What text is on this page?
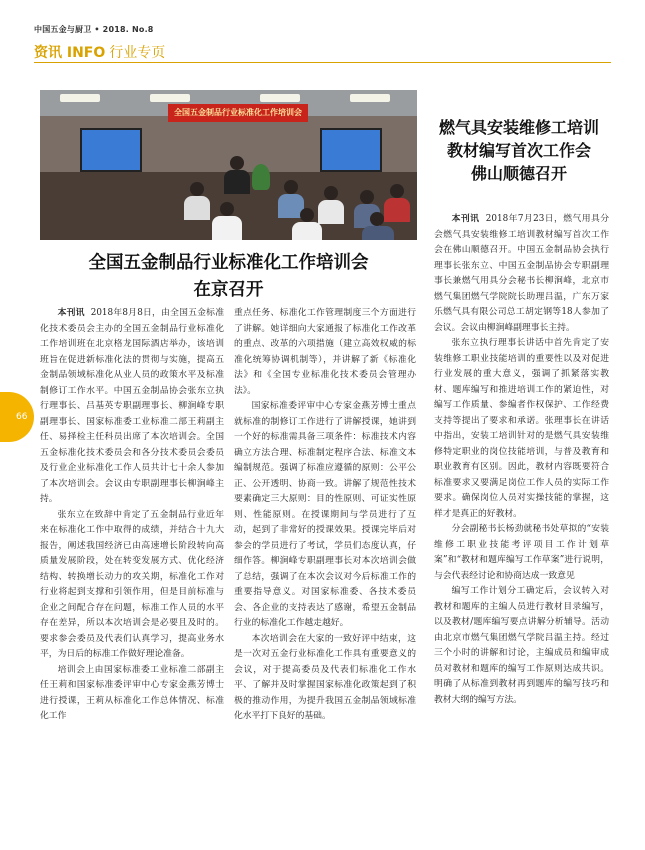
中国五金与厨卫 • 2018. No.8
资讯 INFO 行业专页
66
全国五金制品行业标准化工作培训会
全国五金制品行业标准化工作培训会
在京召开

本刊讯 2018年8月8日，由全国五金标准化技术委员会主办的全国五金制品行业标准化工作培训班在北京格龙国际酒店举办，该培训班旨在促进新标准化法的贯彻与实施，提高五金制品领域标准化从业人员的政策水平及标准制修订工作水平。中国五金制品协会张东立执行理事长、吕基英专职副理事长、柳涧峰专职副理事长、国家标准委工业标准二部王莉副主任、易择检主任科员出席了本次培训会。全国五金标准化技术委员会和各分技术委员会委员及行业企业标准化工作人员共计七十余人参加了本次培训会。会议由专职副理事长柳涧峰主持。

张东立在致辞中肯定了五金制品行业近年来在标准化工作中取得的成绩，并结合十九大报告，阐述我国经济已由高速增长阶段转向高质量发展阶段，处在转变发展方式、优化经济结构、转换增长动力的攻关期，标准化工作对行业将起到支撑和引领作用，但是目前标准与企业之间配合存在问题，标准工作人员的水平存在差异，所以本次培训会是必要且及时的。要求参会委员及代表们认真学习，提高业务水平，为日后的标准工作做好理论准备。

培训会上由国家标准委工业标准二部副主任王莉和国家标准委评审中心专家金燕芳博士进行授课，王莉从标准化工作总体情况、标准化工作

重点任务、标准化工作管理制度三个方面进行了讲解。她详细向大家通报了标准化工作改革的重点、改革的六项措施（建立高效权威的标准化统筹协调机制等），并讲解了新《标准化法》和《全国专业标准化技术委员会管理办法》。

国家标准委评审中心专家金燕芳博士重点就标准的制修订工作进行了讲解授课，她讲到一个好的标准需具备三项条件：标准技术内容确立方法合理、标准制定程序合法、标准文本编制规范。强调了标准应遵循的原则：公平公正、公开透明、协商一致。讲解了规范性技术要素确定三大原则：目的性原则、可证实性原则、性能原则。在授课期间与学员进行了互动，起到了非常好的授课效果。授课完毕后对参会的学员进行了考试，学员们态度认真，仔细作答。柳涧峰专职副理事长对本次培训会做了总结，强调了在本次会议对今后标准工作的重要指导意义。对国家标准委、各技术委员会、各企业的支持表达了感谢，希望五金制品行业的标准化工作越走越好。

本次培训会在大家的一致好评中结束，这是一次对五金行业标准化工作具有重要意义的会议，对于提高委员及代表们标准化工作水平、了解并及时掌握国家标准化政策起到了积极的推动作用，为提升我国五金制品领域标准化水平打下良好的基础。

燃气具安装维修工培训
教材编写首次工作会
佛山顺德召开

本刊讯 2018年7月23日，燃气用具分会燃气具安装维修工培训教材编写首次工作会在佛山顺德召开。中国五金制品协会执行理事长张东立、中国五金制品协会专职副理事长兼燃气用具分会秘书长柳涧峰，北京市燃气集团燃气学院院长助理吕温，广东万家乐燃气具有限公司总工胡定钢等18人参加了会议。会议由柳涧峰副理事长主持。

张东立执行理事长讲话中首先肯定了安装维修工职业技能培训的重要性以及对促进行业发展的重大意义，强调了抓紧落实教材、题库编写和推进培训工作的紧迫性，对编写工作质量、参编者作权保护、工作经费支持等提出了要求和承诺。张理事长在讲话中指出，安装工培训针对的是燃气具安装维修特定职业的岗位技能培训，与普及教育和职业教育有区别。因此，教材内容既要符合标准要求又要满足岗位工作人员的实际工作要求。确保岗位人员对实操技能的掌握，这样才是真正的好教材。

分会副秘书长杨劲就秘书处草拟的“安装维修工职业技能考评项目工作计划草案”和“教材和题库编写工作草案”进行说明，与会代表经讨论和协商达成一致意见

编写工作计划分工确定后，会议转入对教材和题库的主编人员进行教材目录编写，以及教材/题库编写要点讲解分析辅导。活动由北京市燃气集团燃气学院吕温主持。经过三个小时的讲解和讨论，主编成员和编审成员对教材和题库的编写工作原则达成共识。明确了从标准到教材再到题库的编写技巧和教材大纲的编写方法。
